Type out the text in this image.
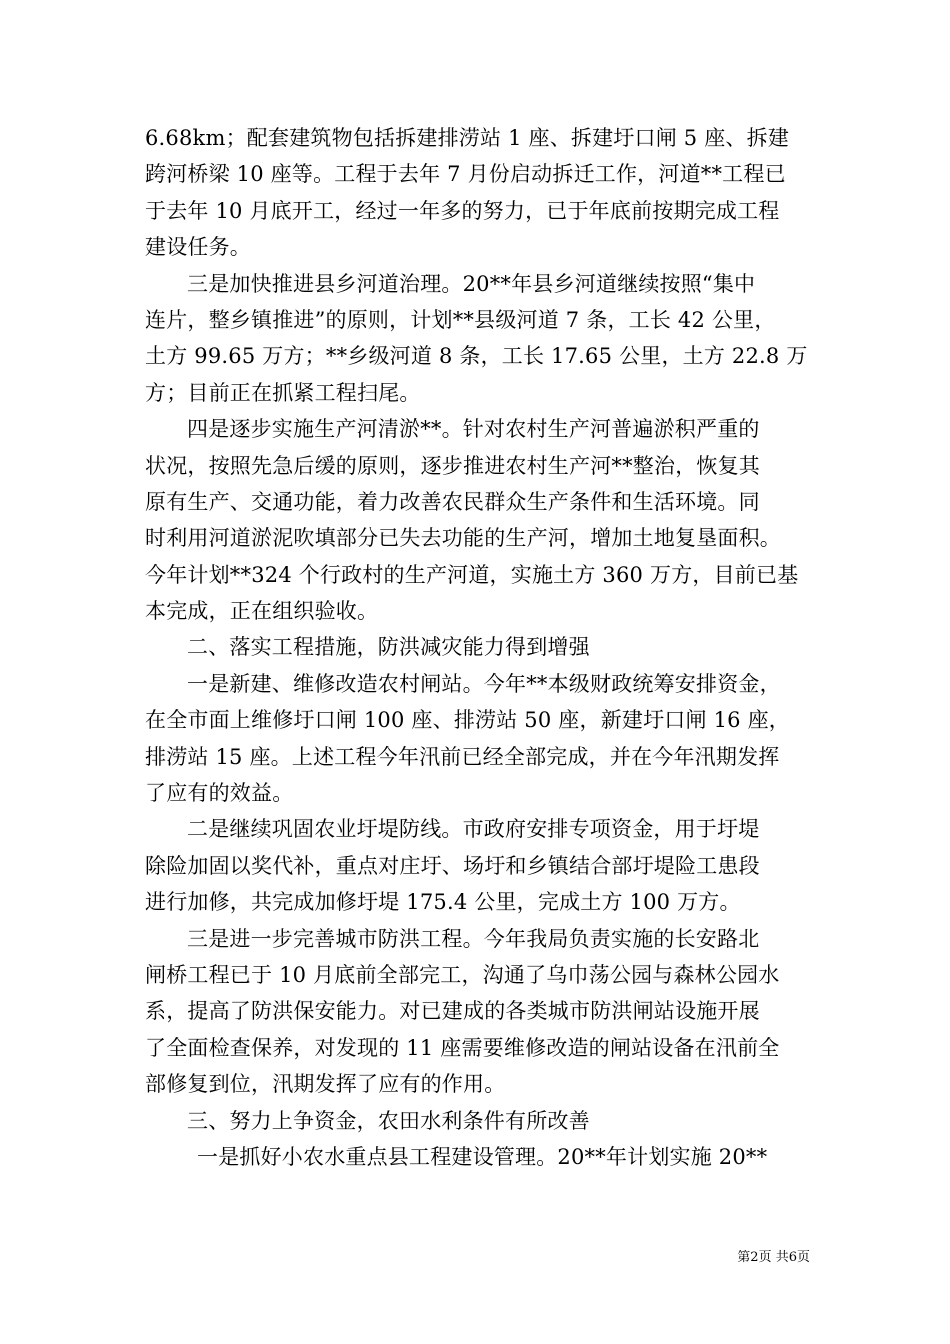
6.68km；配套建筑物包括拆建排涝站 1 座、拆建圩口闸 5 座、拆建
跨河桥梁 10 座等。工程于去年 7 月份启动拆迁工作，河道**工程已
于去年 10 月底开工，经过一年多的努力，已于年底前按期完成工程
建设任务。
三是加快推进县乡河道治理。20**年县乡河道继续按照“集中
连片，整乡镇推进”的原则，计划**县级河道 7 条，工长 42 公里，
土方 99.65 万方；**乡级河道 8 条，工长 17.65 公里，土方 22.8 万
方；目前正在抓紧工程扫尾。
四是逐步实施生产河清淤**。针对农村生产河普遍淤积严重的
状况，按照先急后缓的原则，逐步推进农村生产河**整治，恢复其
原有生产、交通功能，着力改善农民群众生产条件和生活环境。同
时利用河道淤泥吹填部分已失去功能的生产河，增加土地复垦面积。
今年计划**324 个行政村的生产河道，实施土方 360 万方，目前已基
本完成，正在组织验收。
二、落实工程措施，防洪减灾能力得到增强
一是新建、维修改造农村闸站。今年**本级财政统筹安排资金，
在全市面上维修圩口闸 100 座、排涝站 50 座，新建圩口闸 16 座，
排涝站 15 座。上述工程今年汛前已经全部完成，并在今年汛期发挥
了应有的效益。
二是继续巩固农业圩堤防线。市政府安排专项资金，用于圩堤
除险加固以奖代补，重点对庄圩、场圩和乡镇结合部圩堤险工患段
进行加修，共完成加修圩堤 175.4 公里，完成土方 100 万方。
三是进一步完善城市防洪工程。今年我局负责实施的长安路北
闸桥工程已于 10 月底前全部完工，沟通了乌巾荡公园与森林公园水
系，提高了防洪保安能力。对已建成的各类城市防洪闸站设施开展
了全面检查保养，对发现的 11 座需要维修改造的闸站设备在汛前全
部修复到位，汛期发挥了应有的作用。
三、努力上争资金，农田水利条件有所改善
一是抓好小农水重点县工程建设管理。20**年计划实施 20**
第2页 共6页
